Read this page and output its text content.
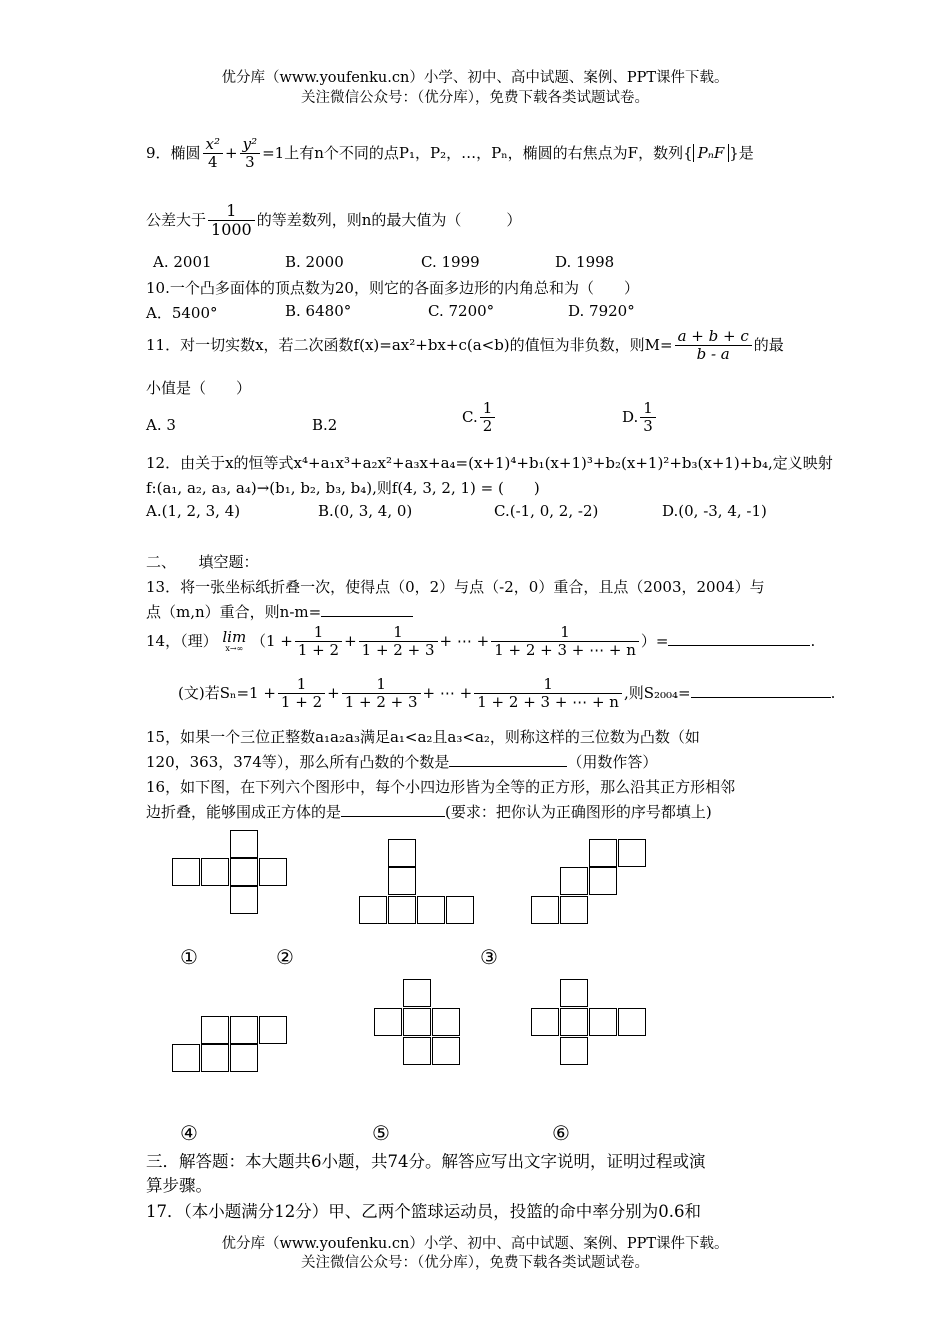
优分库（www.youfenku.cn）小学、初中、高中试题、案例、PPT课件下载。
关注微信公众号：（优分库），免费下载各类试题试卷。
9．椭圆 $\frac{\text{x²}}{4} + \frac{\text{y²}}{3} =1$上有n个不同的点P₁，P₂，…，Pₙ，椭圆的右焦点为F，数列{ PₙF }是
公差大于 $\frac{1}{1000}$ 的等差数列，则n的最大值为（　　　）
A. 2001	B. 2000	C. 1999	D. 1998
10.一个凸多面体的顶点数为20，则它的各面多边形的内角总和为（　　）
A．5400°	B. 6480°	C. 7200°	D. 7920°
11．对一切实数x，若二次函数f(x)=ax²+bx+c(a<b)的值恒为非负数，则$M= \frac{a + b + c}{b - a}$ 的最
小值是（　　）
A. 3	B.2	C. $\frac{1}{2}$	D. $\frac{1}{3}$
12．由关于x的恒等式x⁴+a₁x³+a₂x²+a₃x+a₄=(x+1)⁴+b₁(x+1)³+b₂(x+1)²+b₃(x+1)+b₄,定义映射
f:(a₁, a₂, a₃, a₄)→(b₁, b₂, b₃, b₄),则f(4, 3, 2, 1) = (　　)
A.(1, 2, 3, 4)	B.(0, 3, 4, 0)	C.(-1, 0, 2, -2)	D.(0, -3, 4, -1)
二、　　填空题：
13．将一张坐标纸折叠一次，使得点（0，2）与点（-2，0）重合，且点（2003，2004）与
点（m,n）重合，则n-m=
14，（理） lim
x→∞ （$1 + \frac{1}{1 + 2} + \frac{1}{1 + 2 + 3}$ + ⋯ + $\frac{1}{1 + 2 + 3 + \cdots + n}$ ）=	.
(文)若$S_n=1 + \frac{1}{1 + 2} + \frac{1}{1 + 2 + 3}$ + ⋯ + $\frac{1}{1 + 2 + 3 + \cdots + n}$ ,则S₂₀₀₄=	.
15，如果一个三位正整数a₁a₂a₃满足a₁<a₂且a₃<a₂，则称这样的三位数为凸数（如
120，363，374等），那么所有凸数的个数是	（用数作答）
16，如下图，在下列六个图形中，每个小四边形皆为全等的正方形，那么沿其正方形相邻
边折叠，能够围成正方体的是	(要求：把你认为正确图形的序号都填上)
①	②	③
④	⑤	⑥
三．解答题：本大题共6小题，共74分。解答应写出文字说明，证明过程或演
算步骤。
17．（本小题满分12分）甲、乙两个篮球运动员，投篮的命中率分别为0.6和
优分库（www.youfenku.cn）小学、初中、高中试题、案例、PPT课件下载。
关注微信公众号：（优分库），免费下载各类试题试卷。
